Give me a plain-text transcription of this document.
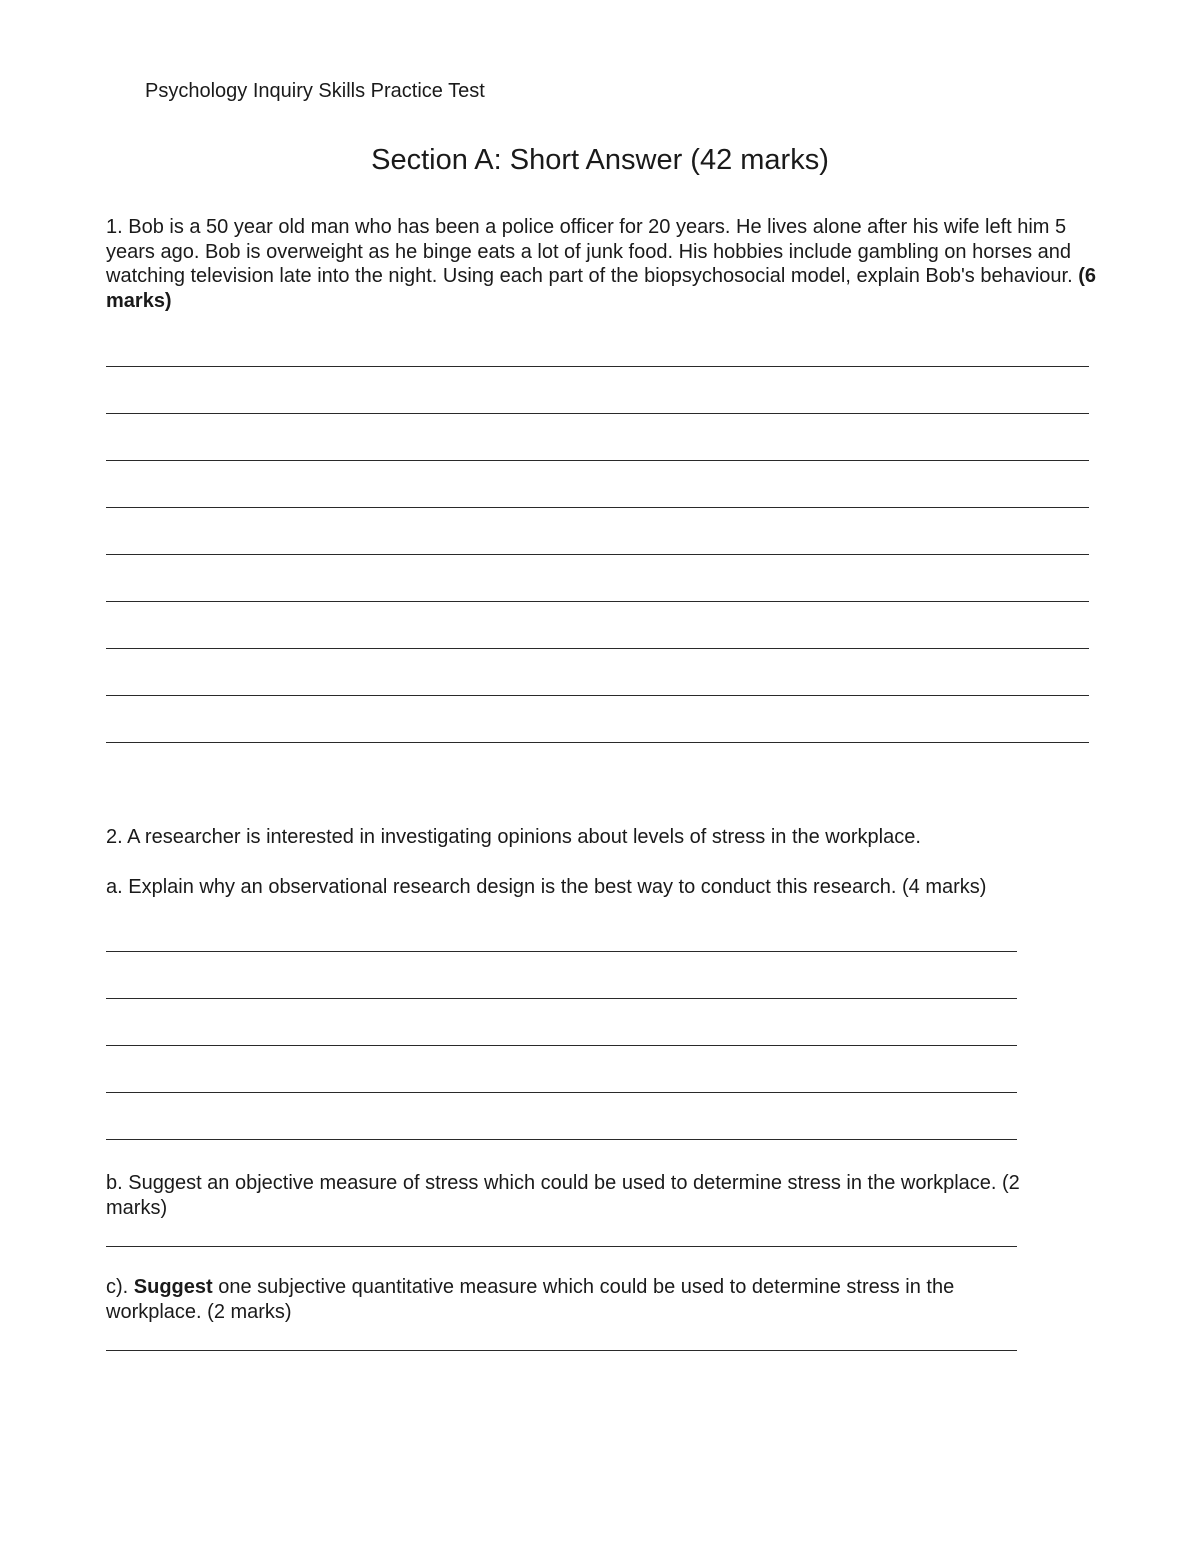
Psychology Inquiry Skills Practice Test
Section A: Short Answer (42 marks)
1. Bob is a 50 year old man who has been a police officer for 20 years. He lives alone after his wife left him 5 years ago. Bob is overweight as he binge eats a lot of junk food. His hobbies include gambling on horses and watching television late into the night. Using each part of the biopsychosocial model, explain Bob's behaviour. (6 marks)
2. A researcher is interested in investigating opinions about levels of stress in the workplace.
a. Explain why an observational research design is the best way to conduct this research. (4 marks)
b. Suggest an objective measure of stress which could be used to determine stress in the workplace. (2 marks)
c). Suggest one subjective quantitative measure which could be used to determine stress in the workplace. (2 marks)
